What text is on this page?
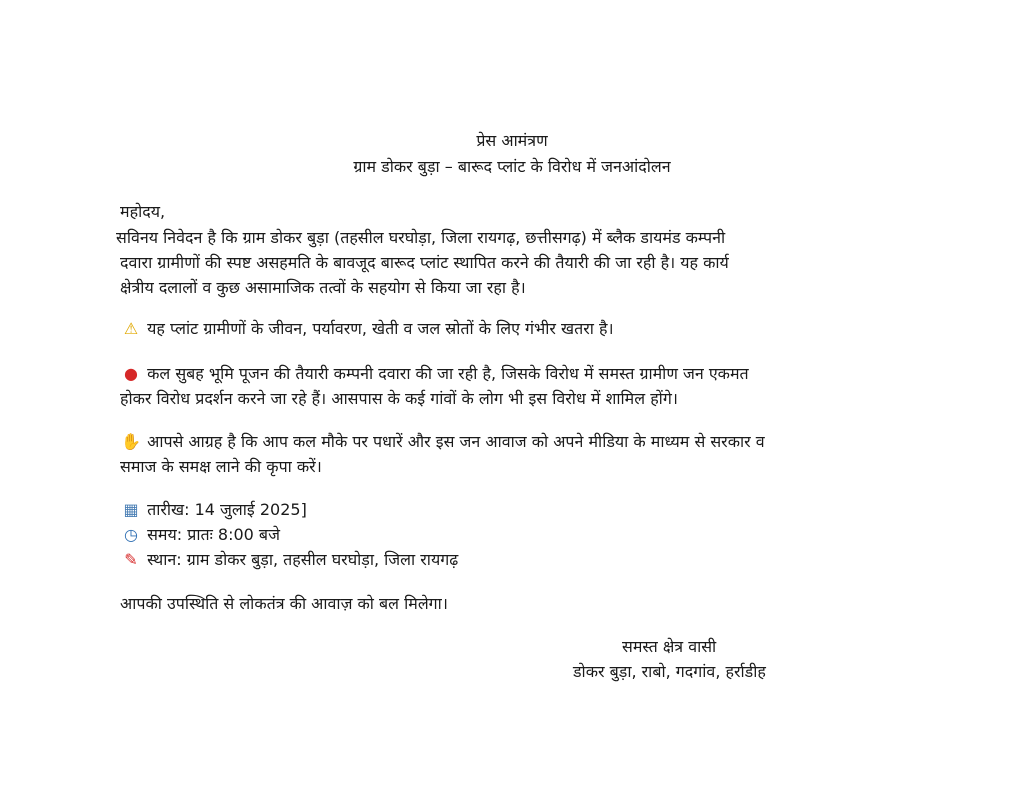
प्रेस आमंत्रण
ग्राम डोकर बुड़ा – बारूद प्लांट के विरोध में जनआंदोलन
महोदय,
सविनय निवेदन है कि ग्राम डोकर बुड़ा (तहसील घरघोड़ा, जिला रायगढ़, छत्तीसगढ़) में ब्लैक डायमंड कम्पनी
दवारा ग्रामीणों की स्पष्ट असहमति के बावजूद बारूद प्लांट स्थापित करने की तैयारी की जा रही है। यह कार्य
क्षेत्रीय दलालों व कुछ असामाजिक तत्वों के सहयोग से किया जा रहा है।
⚠ यह प्लांट ग्रामीणों के जीवन, पर्यावरण, खेती व जल स्रोतों के लिए गंभीर खतरा है।
● कल सुबह भूमि पूजन की तैयारी कम्पनी दवारा की जा रही है, जिसके विरोध में समस्त ग्रामीण जन एकमत
होकर विरोध प्रदर्शन करने जा रहे हैं। आसपास के कई गांवों के लोग भी इस विरोध में शामिल होंगे।
✋ आपसे आग्रह है कि आप कल मौके पर पधारें और इस जन आवाज को अपने मीडिया के माध्यम से सरकार व
समाज के समक्ष लाने की कृपा करें।
▦ तारीख: 14 जुलाई 2025]
◷ समय: प्रातः 8:00 बजे
✎ स्थान: ग्राम डोकर बुड़ा, तहसील घरघोड़ा, जिला रायगढ़
आपकी उपस्थिति से लोकतंत्र की आवाज़ को बल मिलेगा।
समस्त क्षेत्र वासी
डोकर बुड़ा, राबो, गदगांव, हर्राडीह
